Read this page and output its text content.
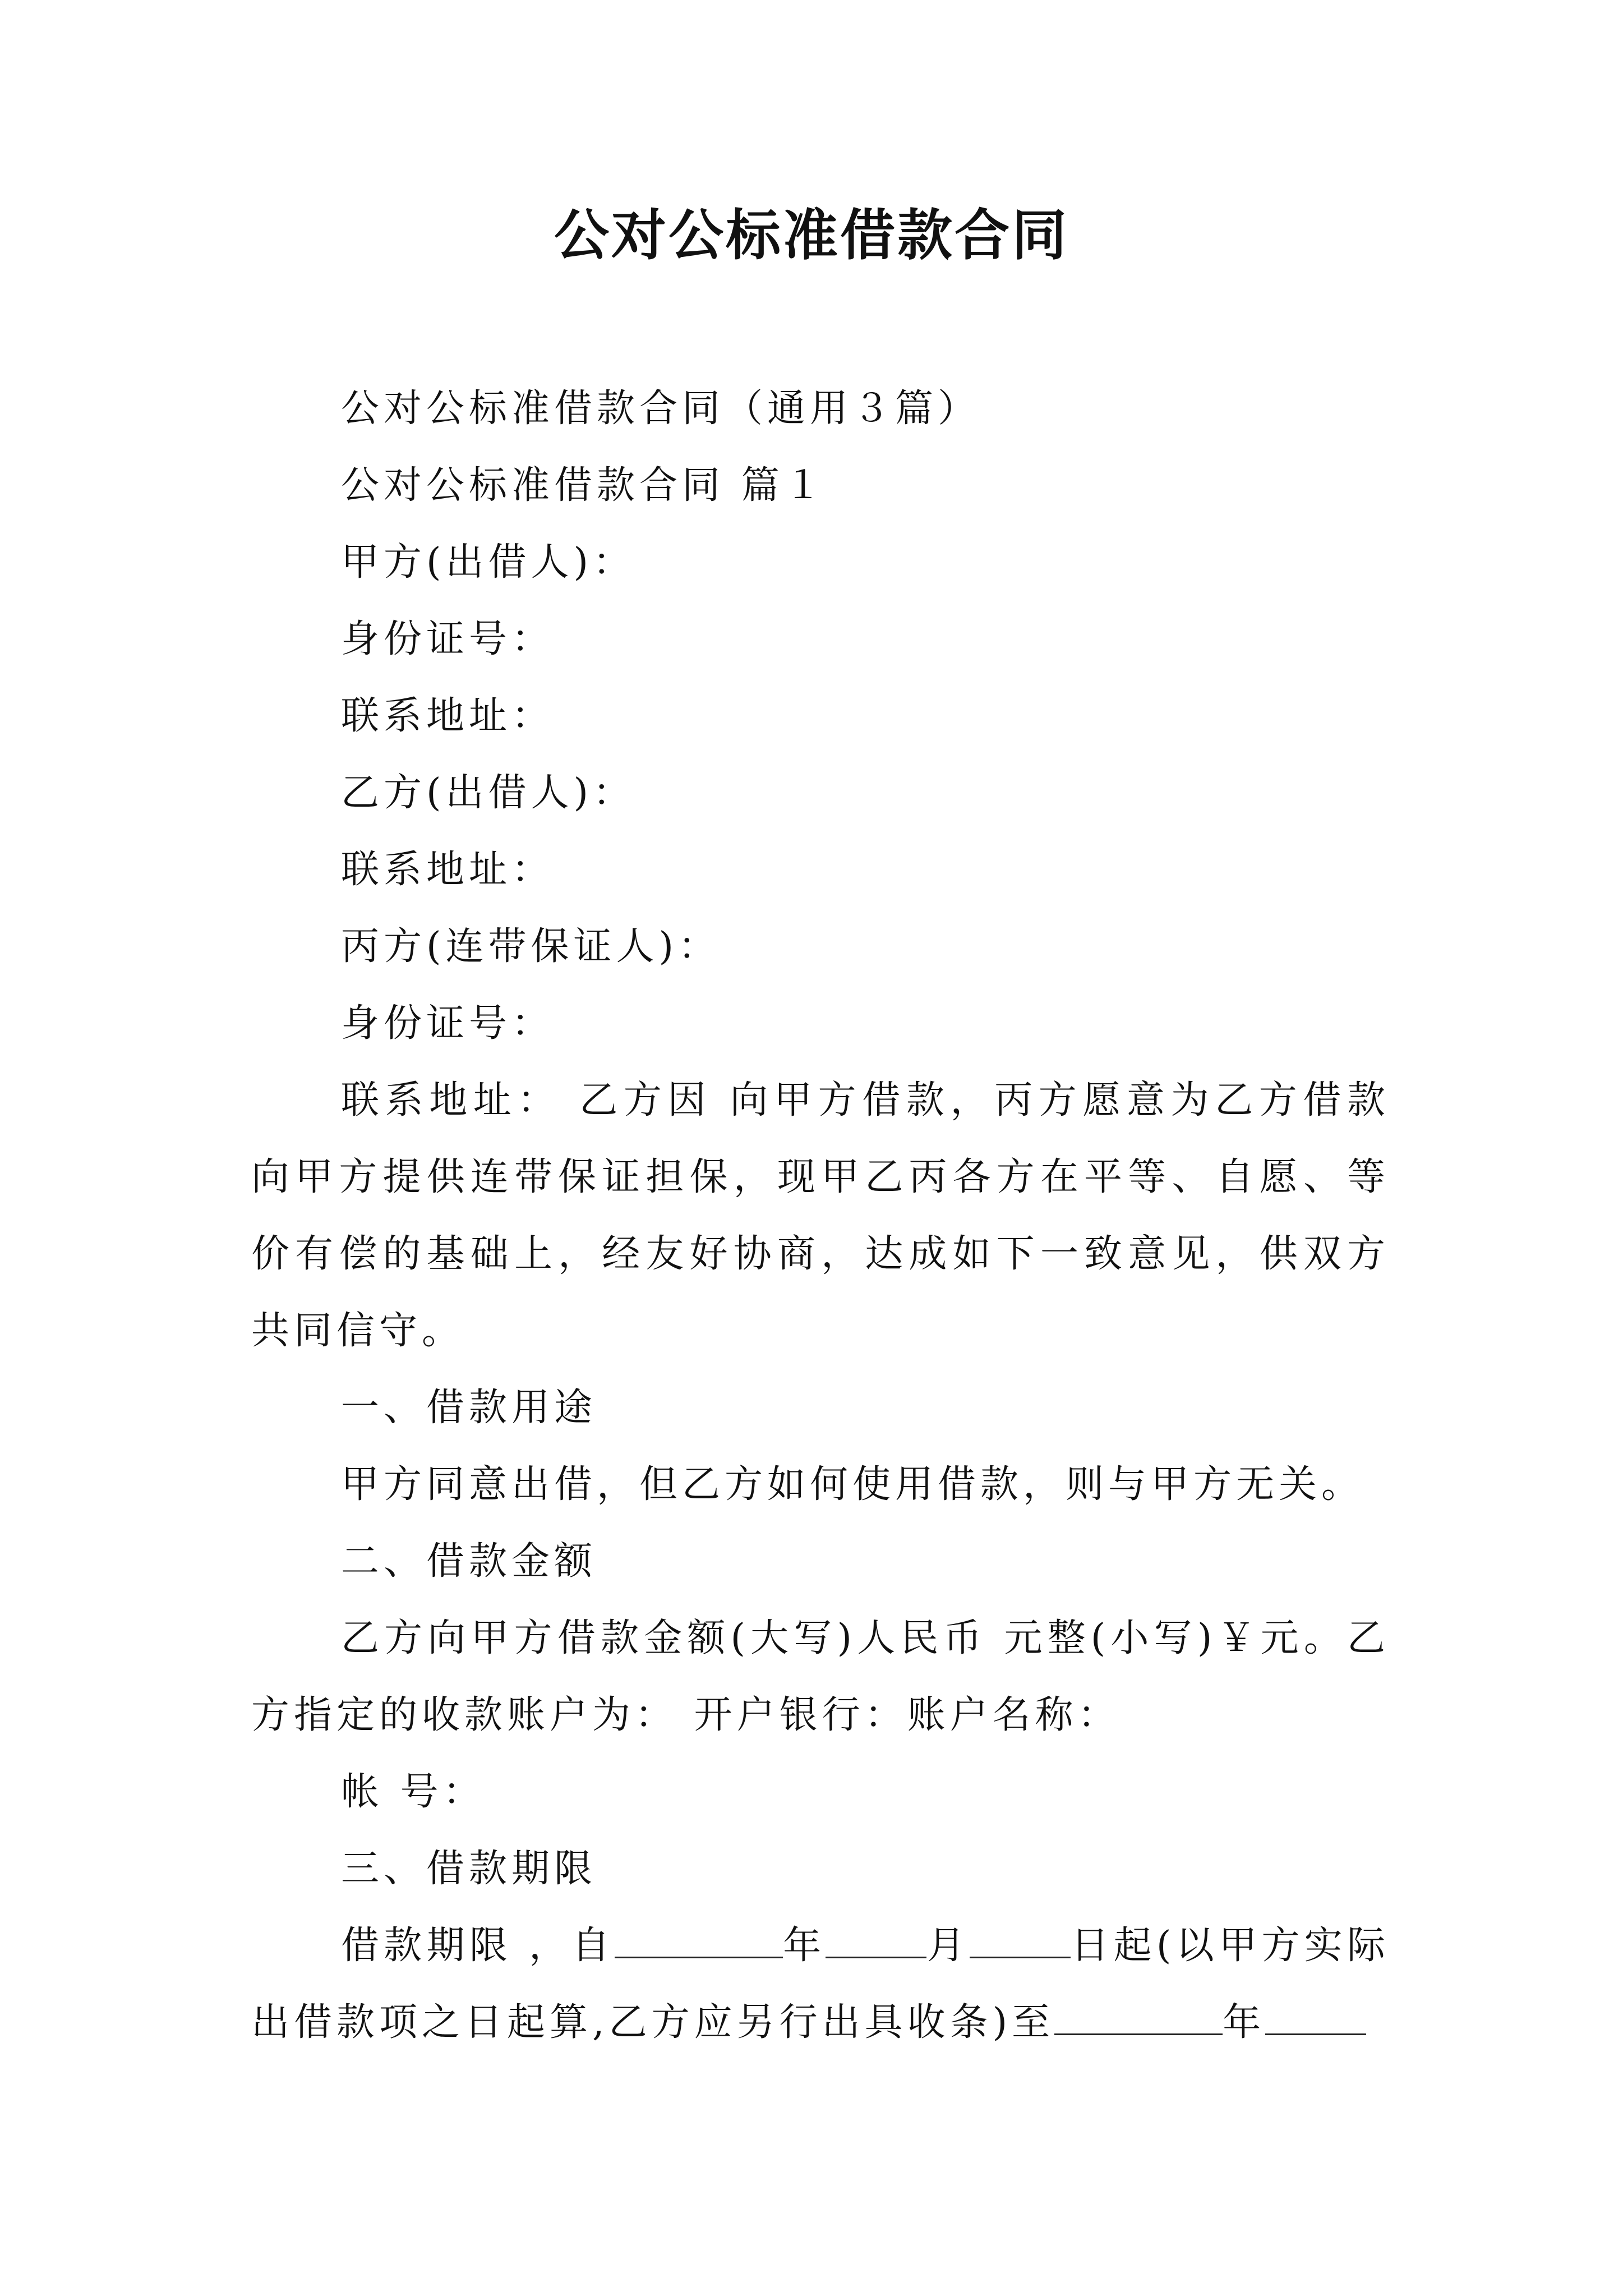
公对公标准借款合同

公对公标准借款合同（通用３篇）

公对公标准借款合同 篇１

甲方(出借人)：

身份证号：

联系地址：

乙方(出借人)：

联系地址：

丙方(连带保证人)：

身份证号：

联系地址： 乙方因 向甲方借款，丙方愿意为乙方借款向甲方提供连带保证担保，现甲乙丙各方在平等、自愿、等价有偿的基础上，经友好协商，达成如下一致意见，供双方共同信守。

一、借款用途

甲方同意出借，但乙方如何使用借款，则与甲方无关。

二、借款金额

乙方向甲方借款金额(大写)人民币 元整(小写)￥元。乙方指定的收款账户为： 开户银行：账户名称：

帐 号：

三、借款期限

借款期限 ，自	年	月	日起(以甲方实际出借款项之日起算,乙方应另行出具收条)至	年
